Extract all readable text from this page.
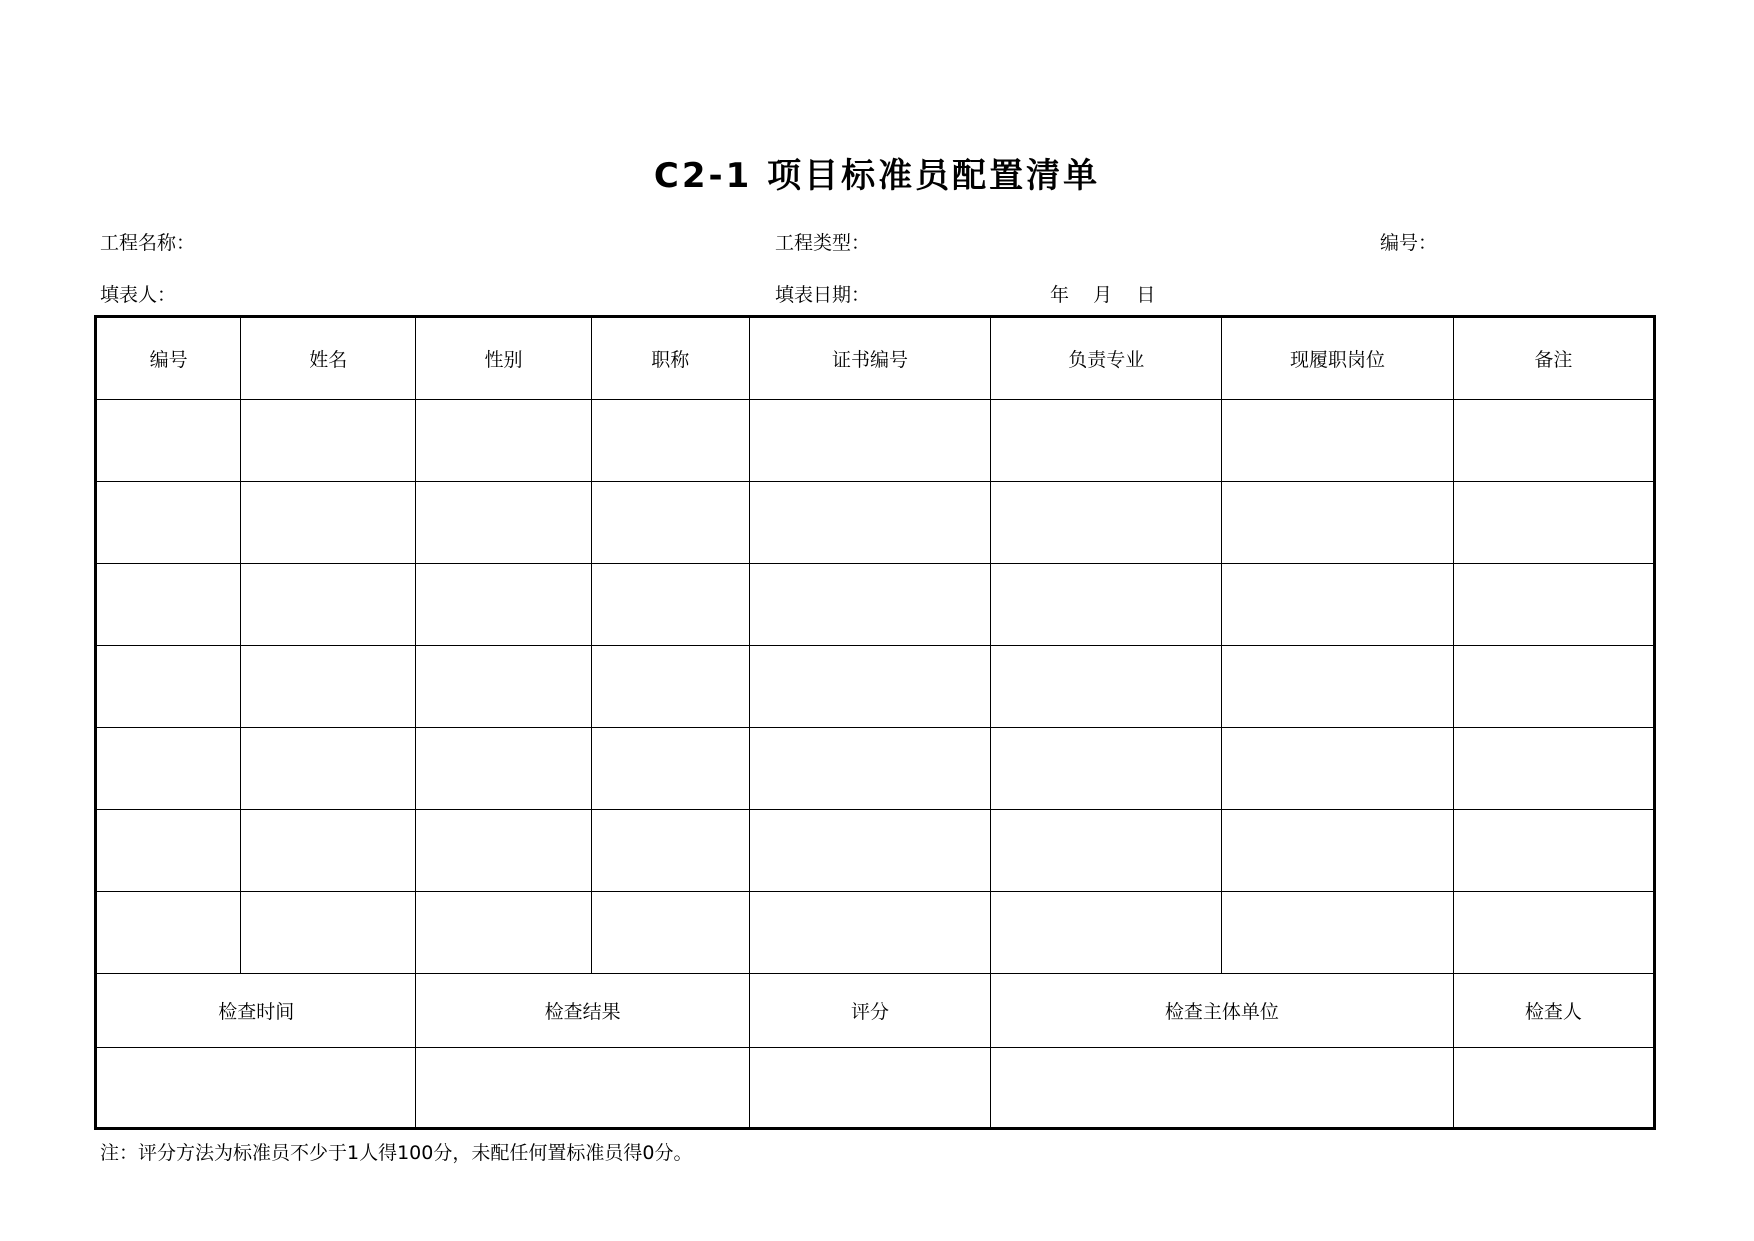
C2-1 项目标准员配置清单
工程名称：	工程类型：	编号：
填表人：	填表日期：	年    月    日
编号	姓名	性别	职称	证书编号	负责专业	现履职岗位	备注

检查时间		检查结果		评分	检查主体单位		检查人

注：评分方法为标准员不少于1人得100分，未配任何置标准员得0分。
